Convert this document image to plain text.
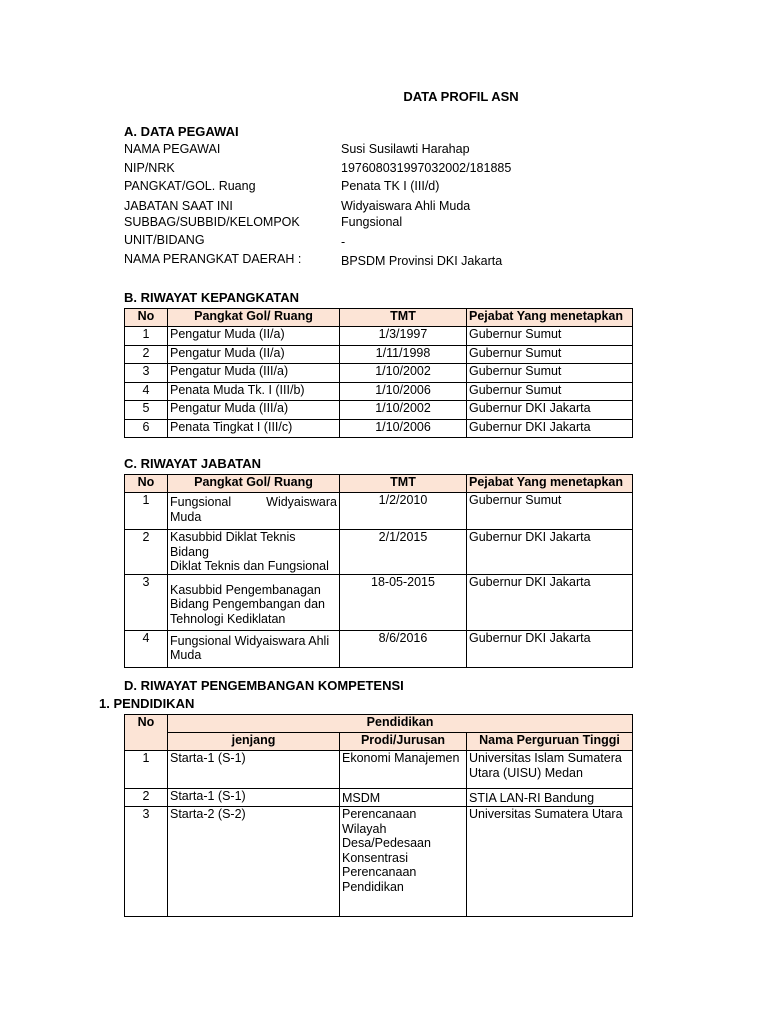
DATA PROFIL ASN
A. DATA PEGAWAI
NAMA PEGAWAI	Susi Susilawti Harahap
NIP/NRK	197608031997032002/181885
PANGKAT/GOL. Ruang	Penata TK I (III/d)
JABATAN SAAT INI	Widyaiswara Ahli Muda
SUBBAG/SUBBID/KELOMPOK	Fungsional
UNIT/BIDANG	-
NAMA PERANGKAT DAERAH :	BPSDM Provinsi DKI Jakarta
B. RIWAYAT KEPANGKATAN
No	Pangkat Gol/ Ruang	TMT	Pejabat Yang menetapkan
1	Pengatur Muda (II/a)	1/3/1997	Gubernur Sumut
2	Pengatur Muda (II/a)	1/11/1998	Gubernur Sumut
3	Pengatur Muda (III/a)	1/10/2002	Gubernur Sumut
4	Penata Muda Tk. I (III/b)	1/10/2006	Gubernur Sumut
5	Pengatur Muda (III/a)	1/10/2002	Gubernur DKI Jakarta
6	Penata Tingkat I (III/c)	1/10/2006	Gubernur DKI Jakarta
C. RIWAYAT JABATAN
No	Pangkat Gol/ Ruang	TMT	Pejabat Yang menetapkan
1	Fungsional Widyaiswara
Muda	1/2/2010	Gubernur Sumut
2	Kasubbid Diklat Teknis Bidang
Diklat Teknis dan Fungsional	2/1/2015	Gubernur DKI Jakarta
3	Kasubbid Pengembanagan
Bidang Pengembangan dan
Tehnologi Kediklatan	18-05-2015	Gubernur DKI Jakarta
4	Fungsional Widyaiswara Ahli
Muda	8/6/2016	Gubernur DKI Jakarta
D. RIWAYAT PENGEMBANGAN KOMPETENSI
1. PENDIDIKAN
No	Pendidikan		
	jenjang	Prodi/Jurusan	Nama Perguruan Tinggi
1	Starta-1 (S-1)	Ekonomi Manajemen	Universitas Islam Sumatera
Utara (UISU) Medan

2	Starta-1 (S-1)	MSDM	STIA LAN-RI Bandung

3	Starta-2 (S-2)	Perencanaan Wilayah
Desa/Pedesaan
Konsentrasi
Perencanaan
Pendidikan	Universitas Sumatera Utara
